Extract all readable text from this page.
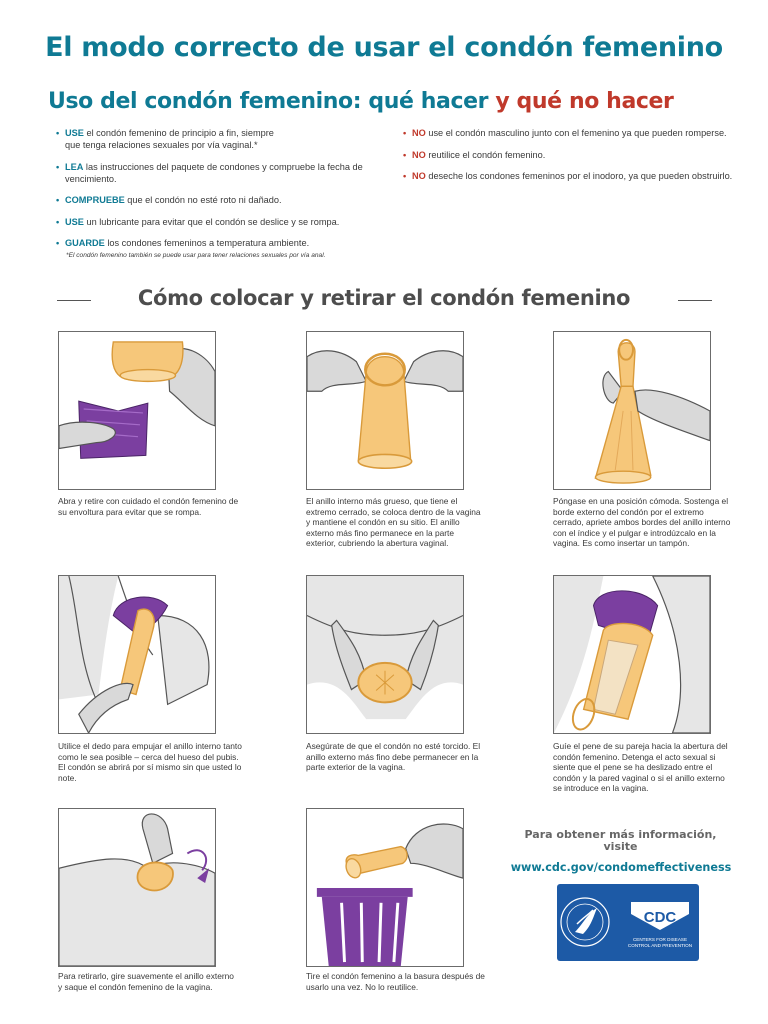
El modo correcto de usar el condón femenino
Uso del condón femenino: qué hacer y qué no hacer
• USE el condón femenino de principio a fin, siempre que tenga relaciones sexuales por vía vaginal.*
• LEA las instrucciones del paquete de condones y compruebe la fecha de vencimiento.
• COMPRUEBE que el condón no esté roto ni dañado.
• USE un lubricante para evitar que el condón se deslice y se rompa.
• GUARDE los condones femeninos a temperatura ambiente.
• NO use el condón masculino junto con el femenino ya que pueden romperse.
• NO reutilice el condón femenino.
• NO deseche los condones femeninos por el inodoro, ya que pueden obstruirlo.
*El condón femenino también se puede usar para tener relaciones sexuales por vía anal.
Cómo colocar y retirar el condón femenino
Abra y retire con cuidado el condón femenino de su envoltura para evitar que se rompa.
El anillo interno más grueso, que tiene el extremo cerrado, se coloca dentro de la vagina y mantiene el condón en su sitio. El anillo externo más fino permanece en la parte exterior, cubriendo la abertura vaginal.
Póngase en una posición cómoda. Sostenga el borde externo del condón por el extremo cerrado, apriete ambos bordes del anillo interno con el índice y el pulgar e introdúzcalo en la vagina. Es como insertar un tampón.
Utilice el dedo para empujar el anillo interno tanto como le sea posible – cerca del hueso del pubis. El condón se abrirá por sí mismo sin que usted lo note.
Asegúrate de que el condón no esté torcido. El anillo externo más fino debe permanecer en la parte exterior de la vagina.
Guíe el pene de su pareja hacia la abertura del condón femenino. Detenga el acto sexual si siente que el pene se ha deslizado entre el condón y la pared vaginal o si el anillo externo se introduce en la vagina.
Para retirarlo, gire suavemente el anillo externo y saque el condón femenino de la vagina.
Tire el condón femenino a la basura después de usarlo una vez. No lo reutilice.
Para obtener más información, visite
www.cdc.gov/condomeffectiveness
CDC
CENTERS FOR DISEASE
CONTROL AND PREVENTION
